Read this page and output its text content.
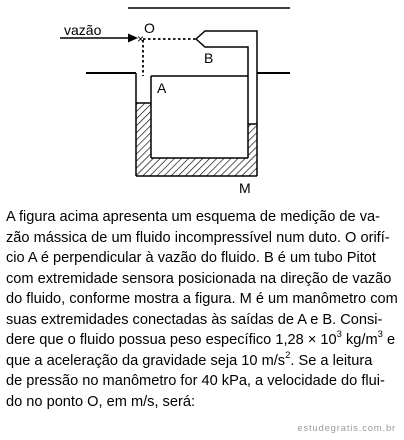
vazão	O
×
B
A
M
A figura acima apresenta um esquema de medição de va-
zão mássica de um fluido incompressível num duto. O orifí-
cio A é perpendicular à vazão do fluido. B é um tubo Pitot
com extremidade sensora posicionada na direção de vazão
do fluido, conforme mostra a figura. M é um manômetro com
suas extremidades conectadas às saídas de A e B. Consi-
dere que o fluido possua peso específico $1,28 \times 10^3$ $kg/m^3$ e
que a aceleração da gravidade seja 10 $m/s^2$. Se a leitura
de pressão no manômetro for 40 kPa, a velocidade do flui-
do no ponto O, em m/s, será:
estudegratis.com.br
